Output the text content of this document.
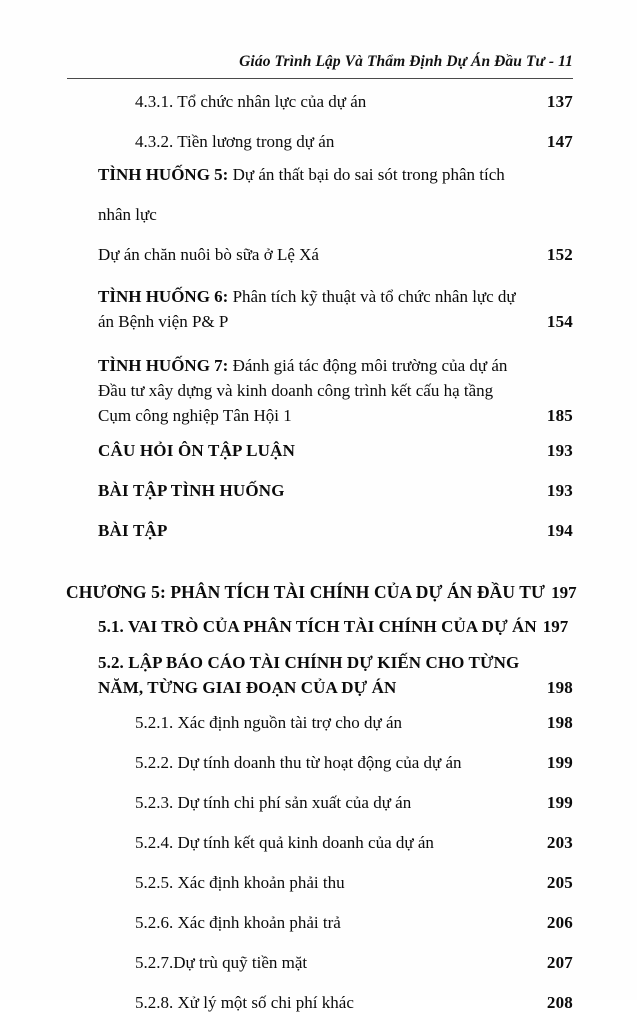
Giáo Trình Lập Và Thẩm Định Dự Án Đầu Tư - 11
4.3.1. Tổ chức nhân lực của dự án	137
4.3.2. Tiền lương trong dự án	147
TÌNH HUỐNG 5: Dự án thất bại do sai sót trong phân tích
nhân lực
Dự án chăn nuôi bò sữa ở Lệ Xá	152
TÌNH HUỐNG 6: Phân tích kỹ thuật và tổ chức nhân lực dự
án Bệnh viện P& P	154
TÌNH HUỐNG 7: Đánh giá tác động môi trường của dự án
Đầu tư xây dựng và kinh doanh công trình kết cấu hạ tầng
Cụm công nghiệp Tân Hội 1	185
CÂU HỎI ÔN TẬP LUẬN	193
BÀI TẬP TÌNH HUỐNG	193
BÀI TẬP	194
CHƯƠNG 5: PHÂN TÍCH TÀI CHÍNH CỦA DỰ ÁN ĐẦU TƯ 197
5.1. VAI TRÒ CỦA PHÂN TÍCH TÀI CHÍNH CỦA DỰ ÁN 197
5.2. LẬP BÁO CÁO TÀI CHÍNH DỰ KIẾN CHO TỪNG
NĂM, TỪNG GIAI ĐOẠN CỦA DỰ ÁN	198
5.2.1. Xác định nguồn tài trợ cho dự án	198
5.2.2. Dự tính doanh thu từ hoạt động của dự án	199
5.2.3. Dự tính chi phí sản xuất của dự án	199
5.2.4. Dự tính kết quả kinh doanh của dự án	203
5.2.5. Xác định khoản phải thu	205
5.2.6. Xác định khoản phải trả	206
5.2.7.Dự trù quỹ tiền mặt	207
5.2.8. Xử lý một số chi phí khác	208
